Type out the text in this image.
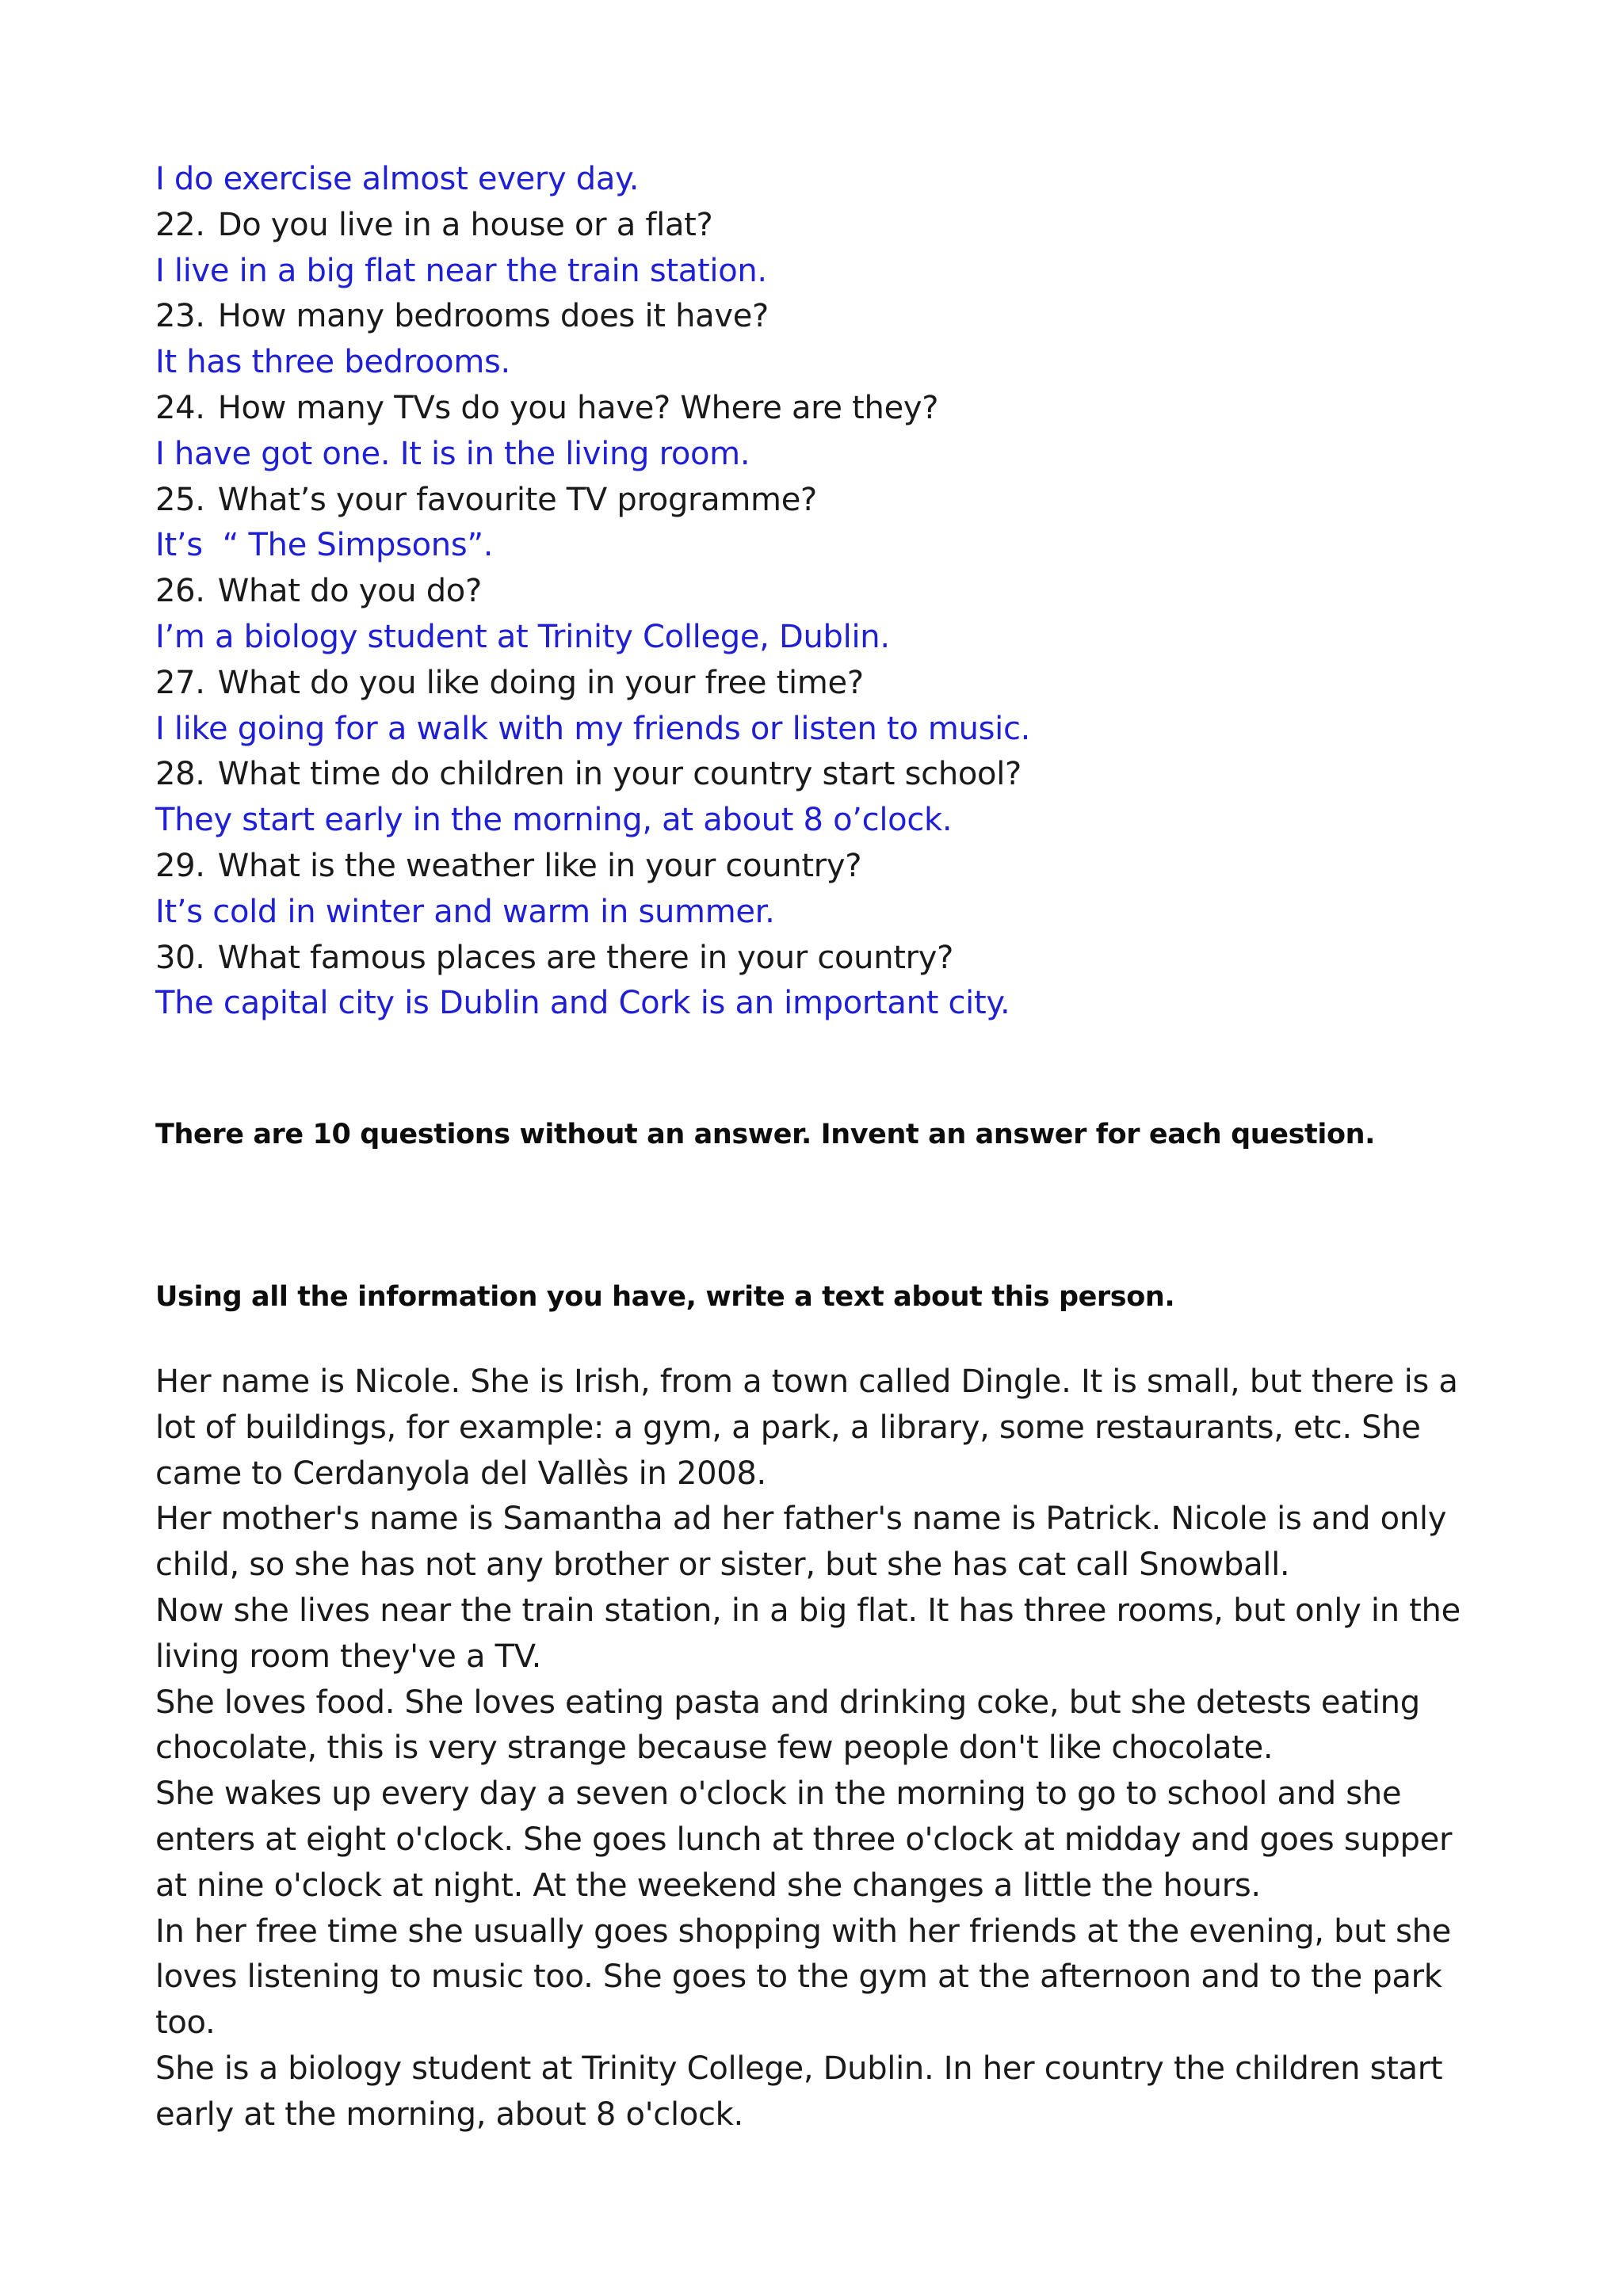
I do exercise almost every day.
22. Do you live in a house or a flat?
I live in a big flat near the train station.
23. How many bedrooms does it have?
It has three bedrooms.
24. How many TVs do you have? Where are they?
I have got one. It is in the living room.
25. What’s your favourite TV programme?
It’s  “ The Simpsons”.
26. What do you do?
I’m a biology student at Trinity College, Dublin.
27. What do you like doing in your free time?
I like going for a walk with my friends or listen to music.
28. What time do children in your country start school?
They start early in the morning, at about 8 o’clock.
29. What is the weather like in your country?
It’s cold in winter and warm in summer.
30. What famous places are there in your country?
The capital city is Dublin and Cork is an important city.
There are 10 questions without an answer. Invent an answer for each question.
Using all the information you have, write a text about this person.

Her name is Nicole. She is Irish, from a town called Dingle. It is small, but there is a lot of buildings, for example: a gym, a park, a library, some restaurants, etc. She came to Cerdanyola del Vallès in 2008.

Her mother's name is Samantha ad her father's name is Patrick. Nicole is and only child, so she has not any brother or sister, but she has cat call Snowball.

Now she lives near the train station, in a big flat. It has three rooms, but only in the living room they've a TV.

She loves food. She loves eating pasta and drinking coke, but she detests eating chocolate, this is very strange because few people don't like chocolate.

She wakes up every day a seven o'clock in the morning to go to school and she enters at eight o'clock. She goes lunch at three o'clock at midday and goes supper at nine o'clock at night. At the weekend she changes a little the hours.

In her free time she usually goes shopping with her friends at the evening, but she loves listening to music too. She goes to the gym at the afternoon and to the park too.

She is a biology student at Trinity College, Dublin. In her country the children start early at the morning, about 8 o'clock.
